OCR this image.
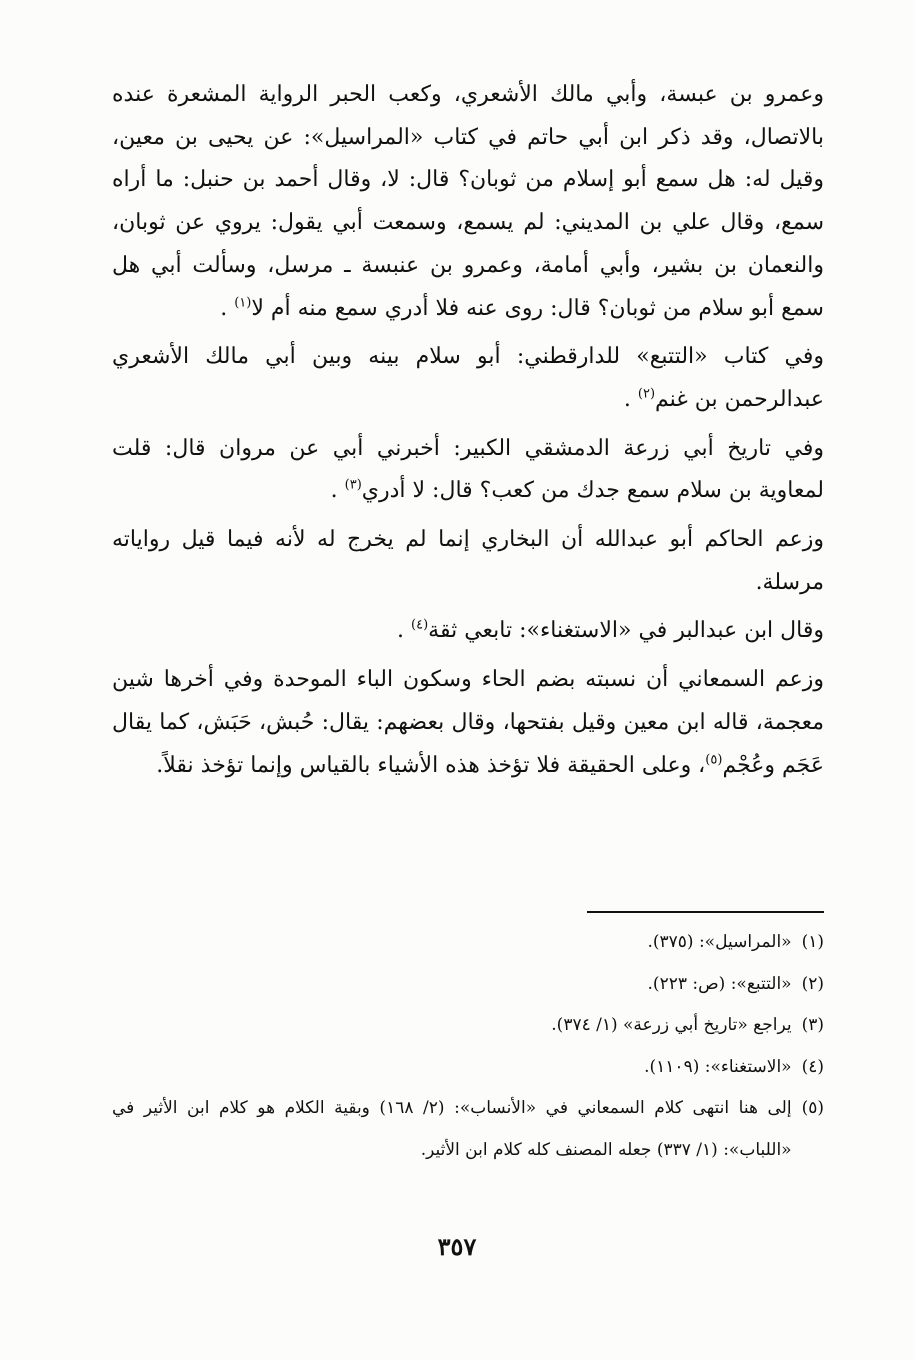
وعمرو بن عبسة، وأبي مالك الأشعري، وكعب الحبر الرواية المشعرة عنده بالاتصال، وقد ذكر ابن أبي حاتم في كتاب «المراسيل»: عن يحيى بن معين، وقيل له: هل سمع أبو إسلام من ثوبان؟ قال: لا، وقال أحمد بن حنبل: ما أراه سمع، وقال علي بن المديني: لم يسمع، وسمعت أبي يقول: يروي عن ثوبان، والنعمان بن بشير، وأبي أمامة، وعمرو بن عنبسة ـ مرسل، وسألت أبي هل سمع أبو سلام من ثوبان؟ قال: روى عنه فلا أدري سمع منه أم لا$^{(١)}$ .

وفي كتاب «التتبع» للدارقطني: أبو سلام بينه وبين أبي مالك الأشعري عبدالرحمن بن غنم$^{(٢)}$ .

وفي تاريخ أبي زرعة الدمشقي الكبير: أخبرني أبي عن مروان قال: قلت لمعاوية بن سلام سمع جدك من كعب؟ قال: لا أدري$^{(٣)}$ .

وزعم الحاكم أبو عبدالله أن البخاري إنما لم يخرج له لأنه فيما قيل رواياته مرسلة.

وقال ابن عبدالبر في «الاستغناء»: تابعي ثقة$^{(٤)}$ .

وزعم السمعاني أن نسبته بضم الحاء وسكون الباء الموحدة وفي أخرها شين معجمة، قاله ابن معين وقيل بفتحها، وقال بعضهم: يقال: حُبش، حَبَش، كما يقال عَجَم وعُجْم$^{(٥)}$، وعلى الحقيقة فلا تؤخذ هذه الأشياء بالقياس وإنما تؤخذ نقلاً.

(١)
«المراسيل»: (٣٧٥).

(٢)
«التتبع»: (ص: ٢٢٣).

(٣)
يراجع «تاريخ أبي زرعة» (١/ ٣٧٤).

(٤)
«الاستغناء»: (١١٠٩).

(٥)
إلى هنا انتهى كلام السمعاني في «الأنساب»: (٢/ ١٦٨) وبقية الكلام هو كلام ابن الأثير في «اللباب»: (١/ ٣٣٧) جعله المصنف كله كلام ابن الأثير.

٣٥٧
